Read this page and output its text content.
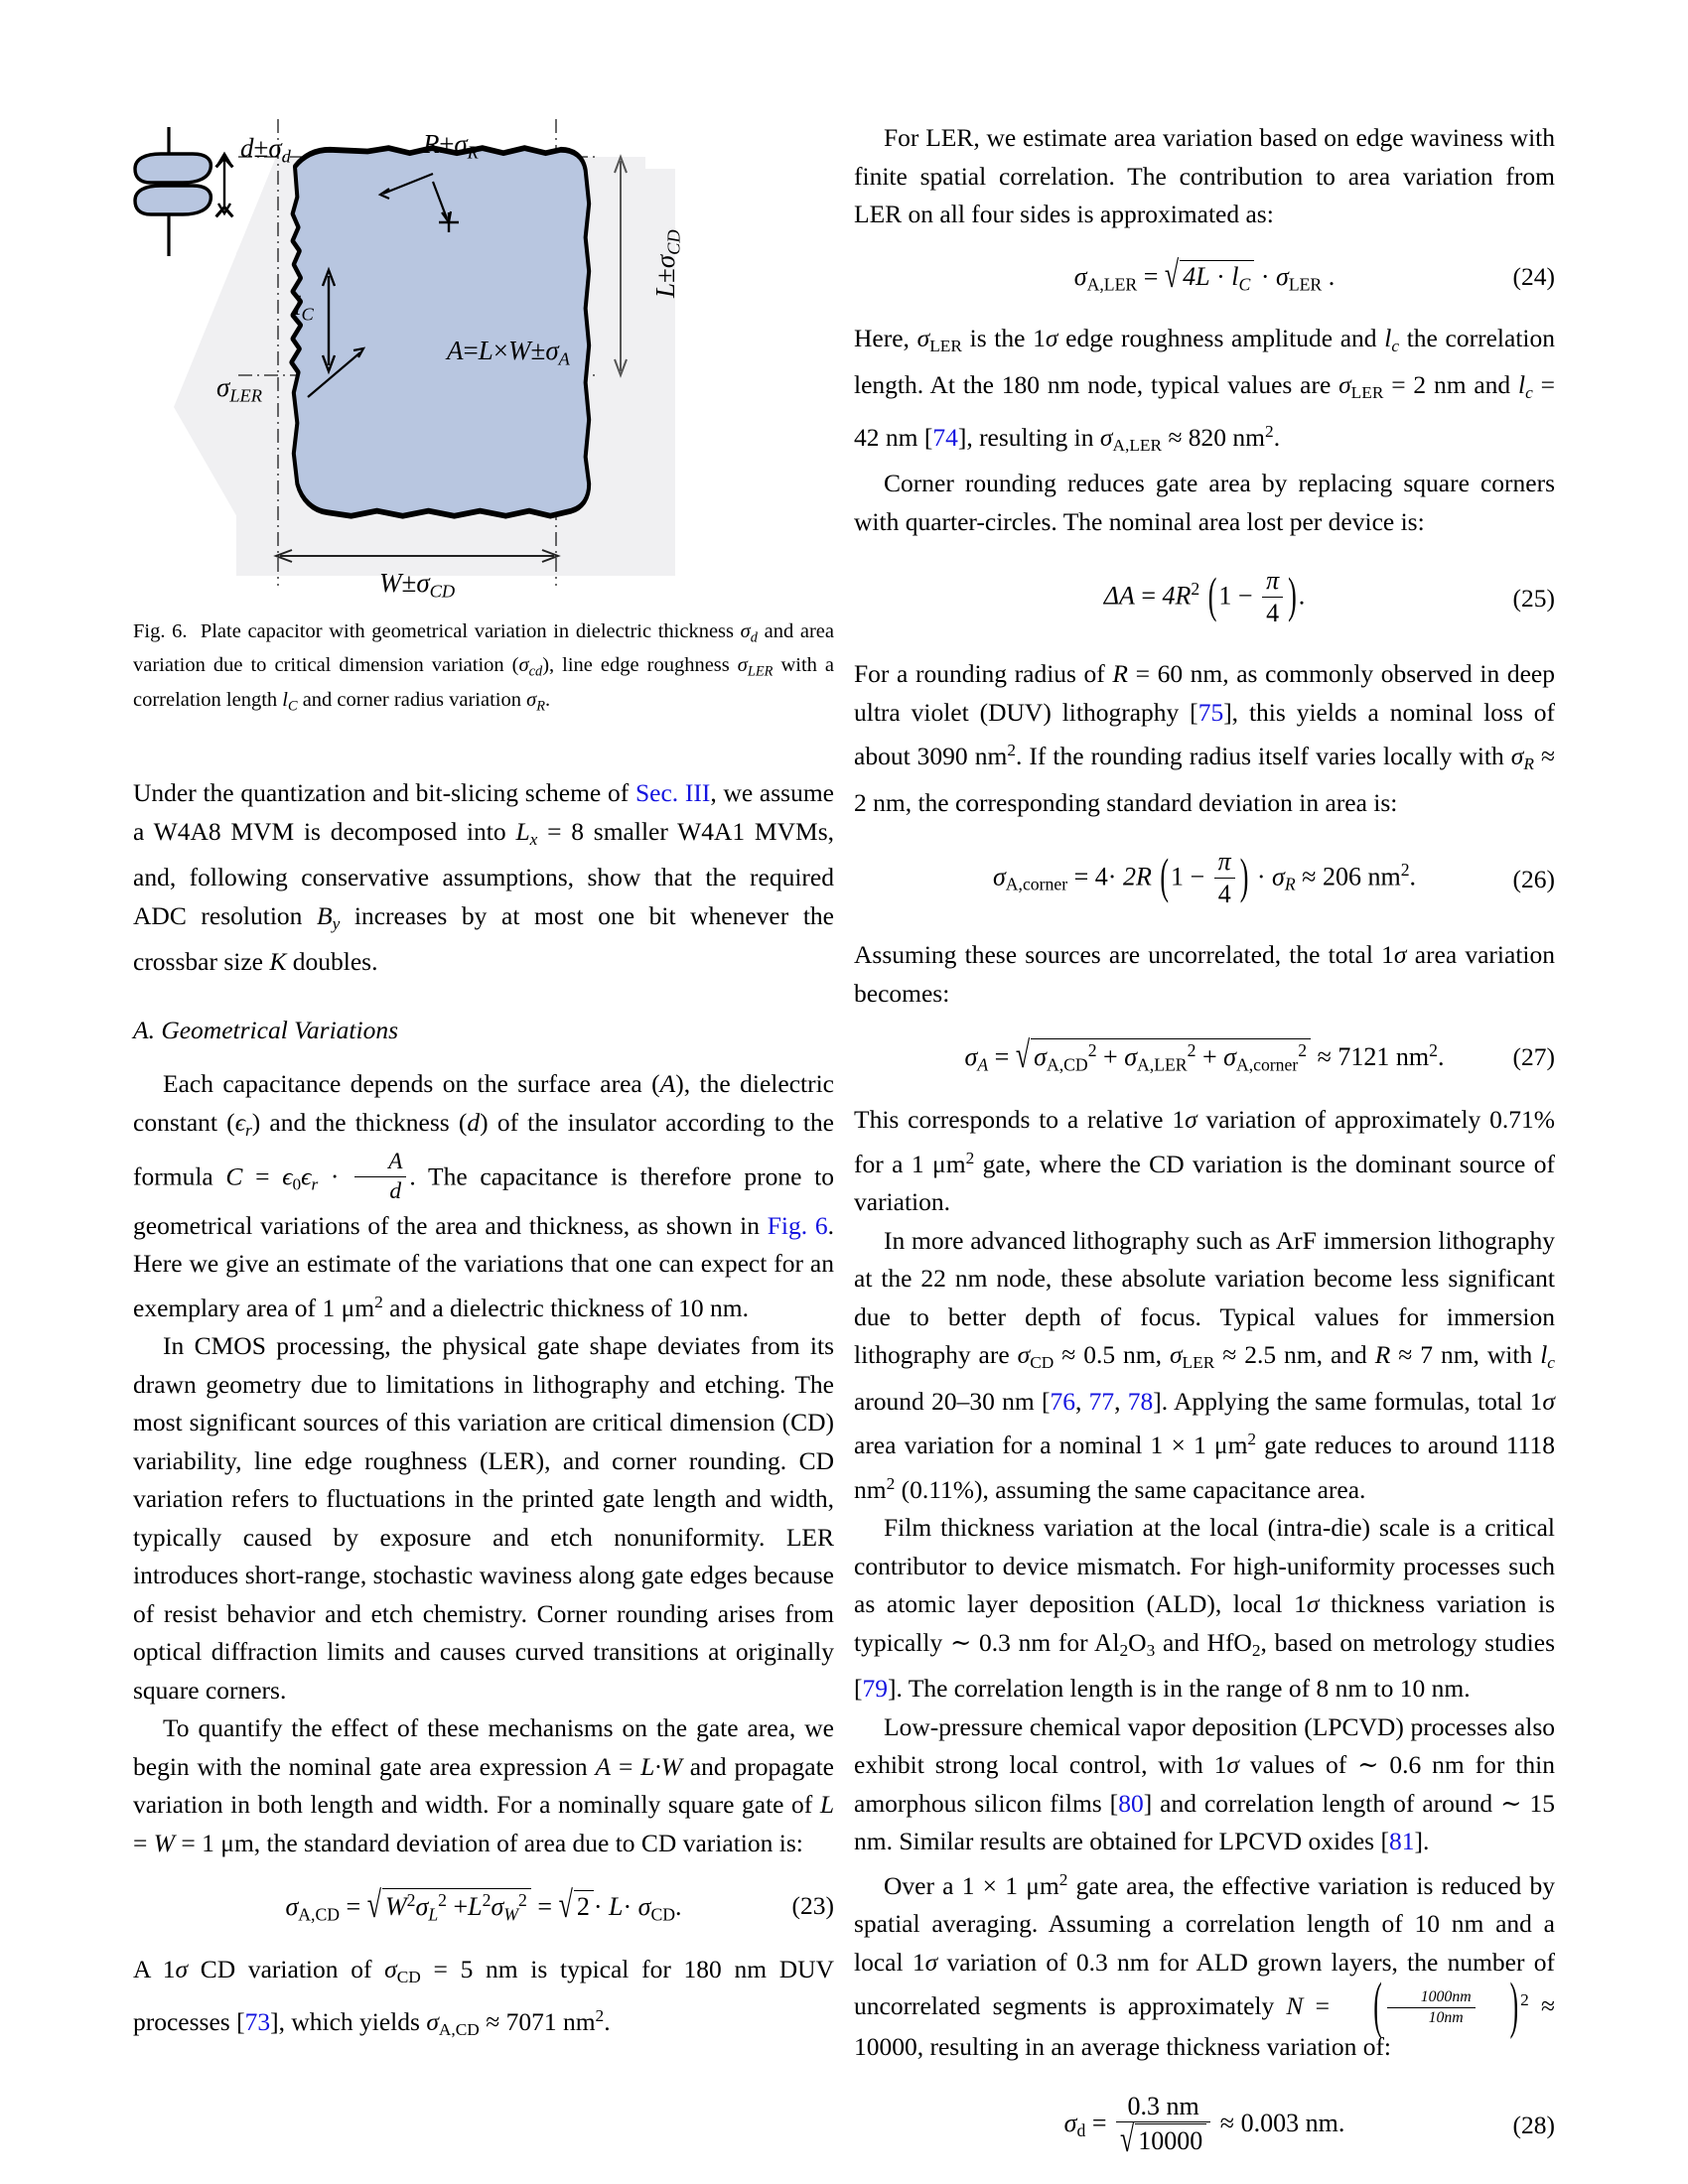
$d\pm\sigma_d$	$R\pm\sigma_R$
$l_C$
$\sigma_{LER}$
$A=L\times W\pm\sigma_A$
$L\pm\sigma_{CD}$
$W\pm\sigma_{CD}$
Fig. 6. Plate capacitor with geometrical variation in dielectric thickness $\sigma_d$ and area variation due to critical dimension variation $(\sigma_{cd})$, line edge roughness $\sigma_{LER}$ with a correlation length $l_C$ and corner radius variation $\sigma_R$.

Under the quantization and bit-slicing scheme of Sec. III, we assume a W4A8 MVM is decomposed into $L_x = 8$ smaller W4A1 MVMs, and, following conservative assumptions, show that the required ADC resolution $B_y$ increases by at most one bit whenever the crossbar size K doubles.

A. Geometrical Variations

Each capacitance depends on the surface area (A), the dielectric constant $(\epsilon_r)$ and the thickness (d) of the insulator according to the formula $C = \epsilon_0\epsilon_r \cdot \frac{A}{d}$ . The capacitance is therefore prone to geometrical variations of the area and thickness, as shown in Fig. 6. Here we give an estimate of the variations that one can expect for an exemplary area of 1 $\mu m^2$ and a dielectric thickness of 10 nm.

In CMOS processing, the physical gate shape deviates from its drawn geometry due to limitations in lithography and etching. The most significant sources of this variation are critical dimension (CD) variability, line edge roughness (LER), and corner rounding. CD variation refers to fluctuations in the printed gate length and width, typically caused by exposure and etch nonuniformity. LER introduces short-range, stochastic waviness along gate edges because of resist behavior and etch chemistry. Corner rounding arises from optical diffraction limits and causes curved transitions at originally square corners.

To quantify the effect of these mechanisms on the gate area, we begin with the nominal gate area expression A = L·W and propagate variation in both length and width. For a nominally square gate of L = W = 1 μm, the standard deviation of area due to CD variation is:

$\sigma_{A,CD}$ = √ $W^2\sigma_L^2 +L^2\sigma_W^2$ = √ $2 \cdot L\cdot \sigma_{CD}$.	(23)

A 1σ CD variation of $\sigma_{CD} = 5$ nm is typical for 180 nm DUV processes [73], which yields $\sigma_{A,CD} \approx 7071$ $nm^2$.

For LER, we estimate area variation based on edge waviness with finite spatial correlation. The contribution to area variation from LER on all four sides is approximated as:

$\sigma_{A,LER}$ = √ $4L \cdot l_C \cdot \sigma_{LER}$ .	(24)

Here, $\sigma_{LER}$ is the 1σ edge roughness amplitude and $l_c$ the correlation length. At the 180 nm node, typical values are $\sigma_{LER} = 2$ nm and $l_c = 42$ nm [74], resulting in $\sigma_{A,LER} \approx 820$ $nm^2$.

Corner rounding reduces gate area by replacing square corners with quarter-circles. The nominal area lost per device is:

$\Delta A = 4R^2$ ($1 - \frac{\pi}{4}$ ).	(25)

For a rounding radius of R = 60 nm, as commonly observed in deep ultra violet (DUV) lithography [75], this yields a nominal loss of about 3090 $nm^2$. If the rounding radius itself varies locally with $\sigma_R \approx 2$ nm, the corresponding standard deviation in area is:

$\sigma_{A,corner} = 4\cdot 2R$ ($1 - \frac{\pi}{4}$ ) · $\sigma_R \approx 206$ $nm^2$.	(26)

Assuming these sources are uncorrelated, the total 1σ area variation becomes:

$\sigma_A$ = √ $\sigma_{A,CD}^2 + \sigma_{A,LER}^2 + \sigma_{A,corner}^2 \approx 7121$ $nm^2$.	(27)

This corresponds to a relative 1σ variation of approximately 0.71% for a 1 $\mu m^2$ gate, where the CD variation is the dominant source of variation.

In more advanced lithography such as ArF immersion lithography at the 22 nm node, these absolute variation become less significant due to better depth of focus. Typical values for immersion lithography are $\sigma_{CD} \approx 0.5$ nm, $\sigma_{LER} \approx 2.5$ nm, and R ≈ 7 nm, with $l_c$ around 20–30 nm [76, 77, 78]. Applying the same formulas, total 1σ area variation for a nominal 1 × 1 $\mu m^2$ gate reduces to around 1118 $nm^2$ (0.11%), assuming the same capacitance area.

Film thickness variation at the local (intra-die) scale is a critical contributor to device mismatch. For high-uniformity processes such as atomic layer deposition (ALD), local 1σ thickness variation is typically ∼ 0.3 nm for $Al_2O_3$ and HfO$_2$, based on metrology studies [79]. The correlation length is in the range of 8 nm to 10 nm.

Low-pressure chemical vapor deposition (LPCVD) processes also exhibit strong local control, with 1σ values of ∼ 0.6 nm for thin amorphous silicon films [80] and correlation length of around ∼ 15 nm. Similar results are obtained for LPCVD oxides [81].

Over a 1 × 1 $\mu m^2$ gate area, the effective variation is reduced by spatial averaging. Assuming a correlation length of 10 nm and a local 1σ variation of 0.3 nm for ALD grown layers, the number of uncorrelated segments is approximately N = ( $\frac{1000nm}{10nm}$ ) $^2$ ≈ 10000, resulting in an average thickness variation of:

$\sigma_d = \frac{0.3 nm}{√ 10000} \approx 0.003$ nm.	(28)
